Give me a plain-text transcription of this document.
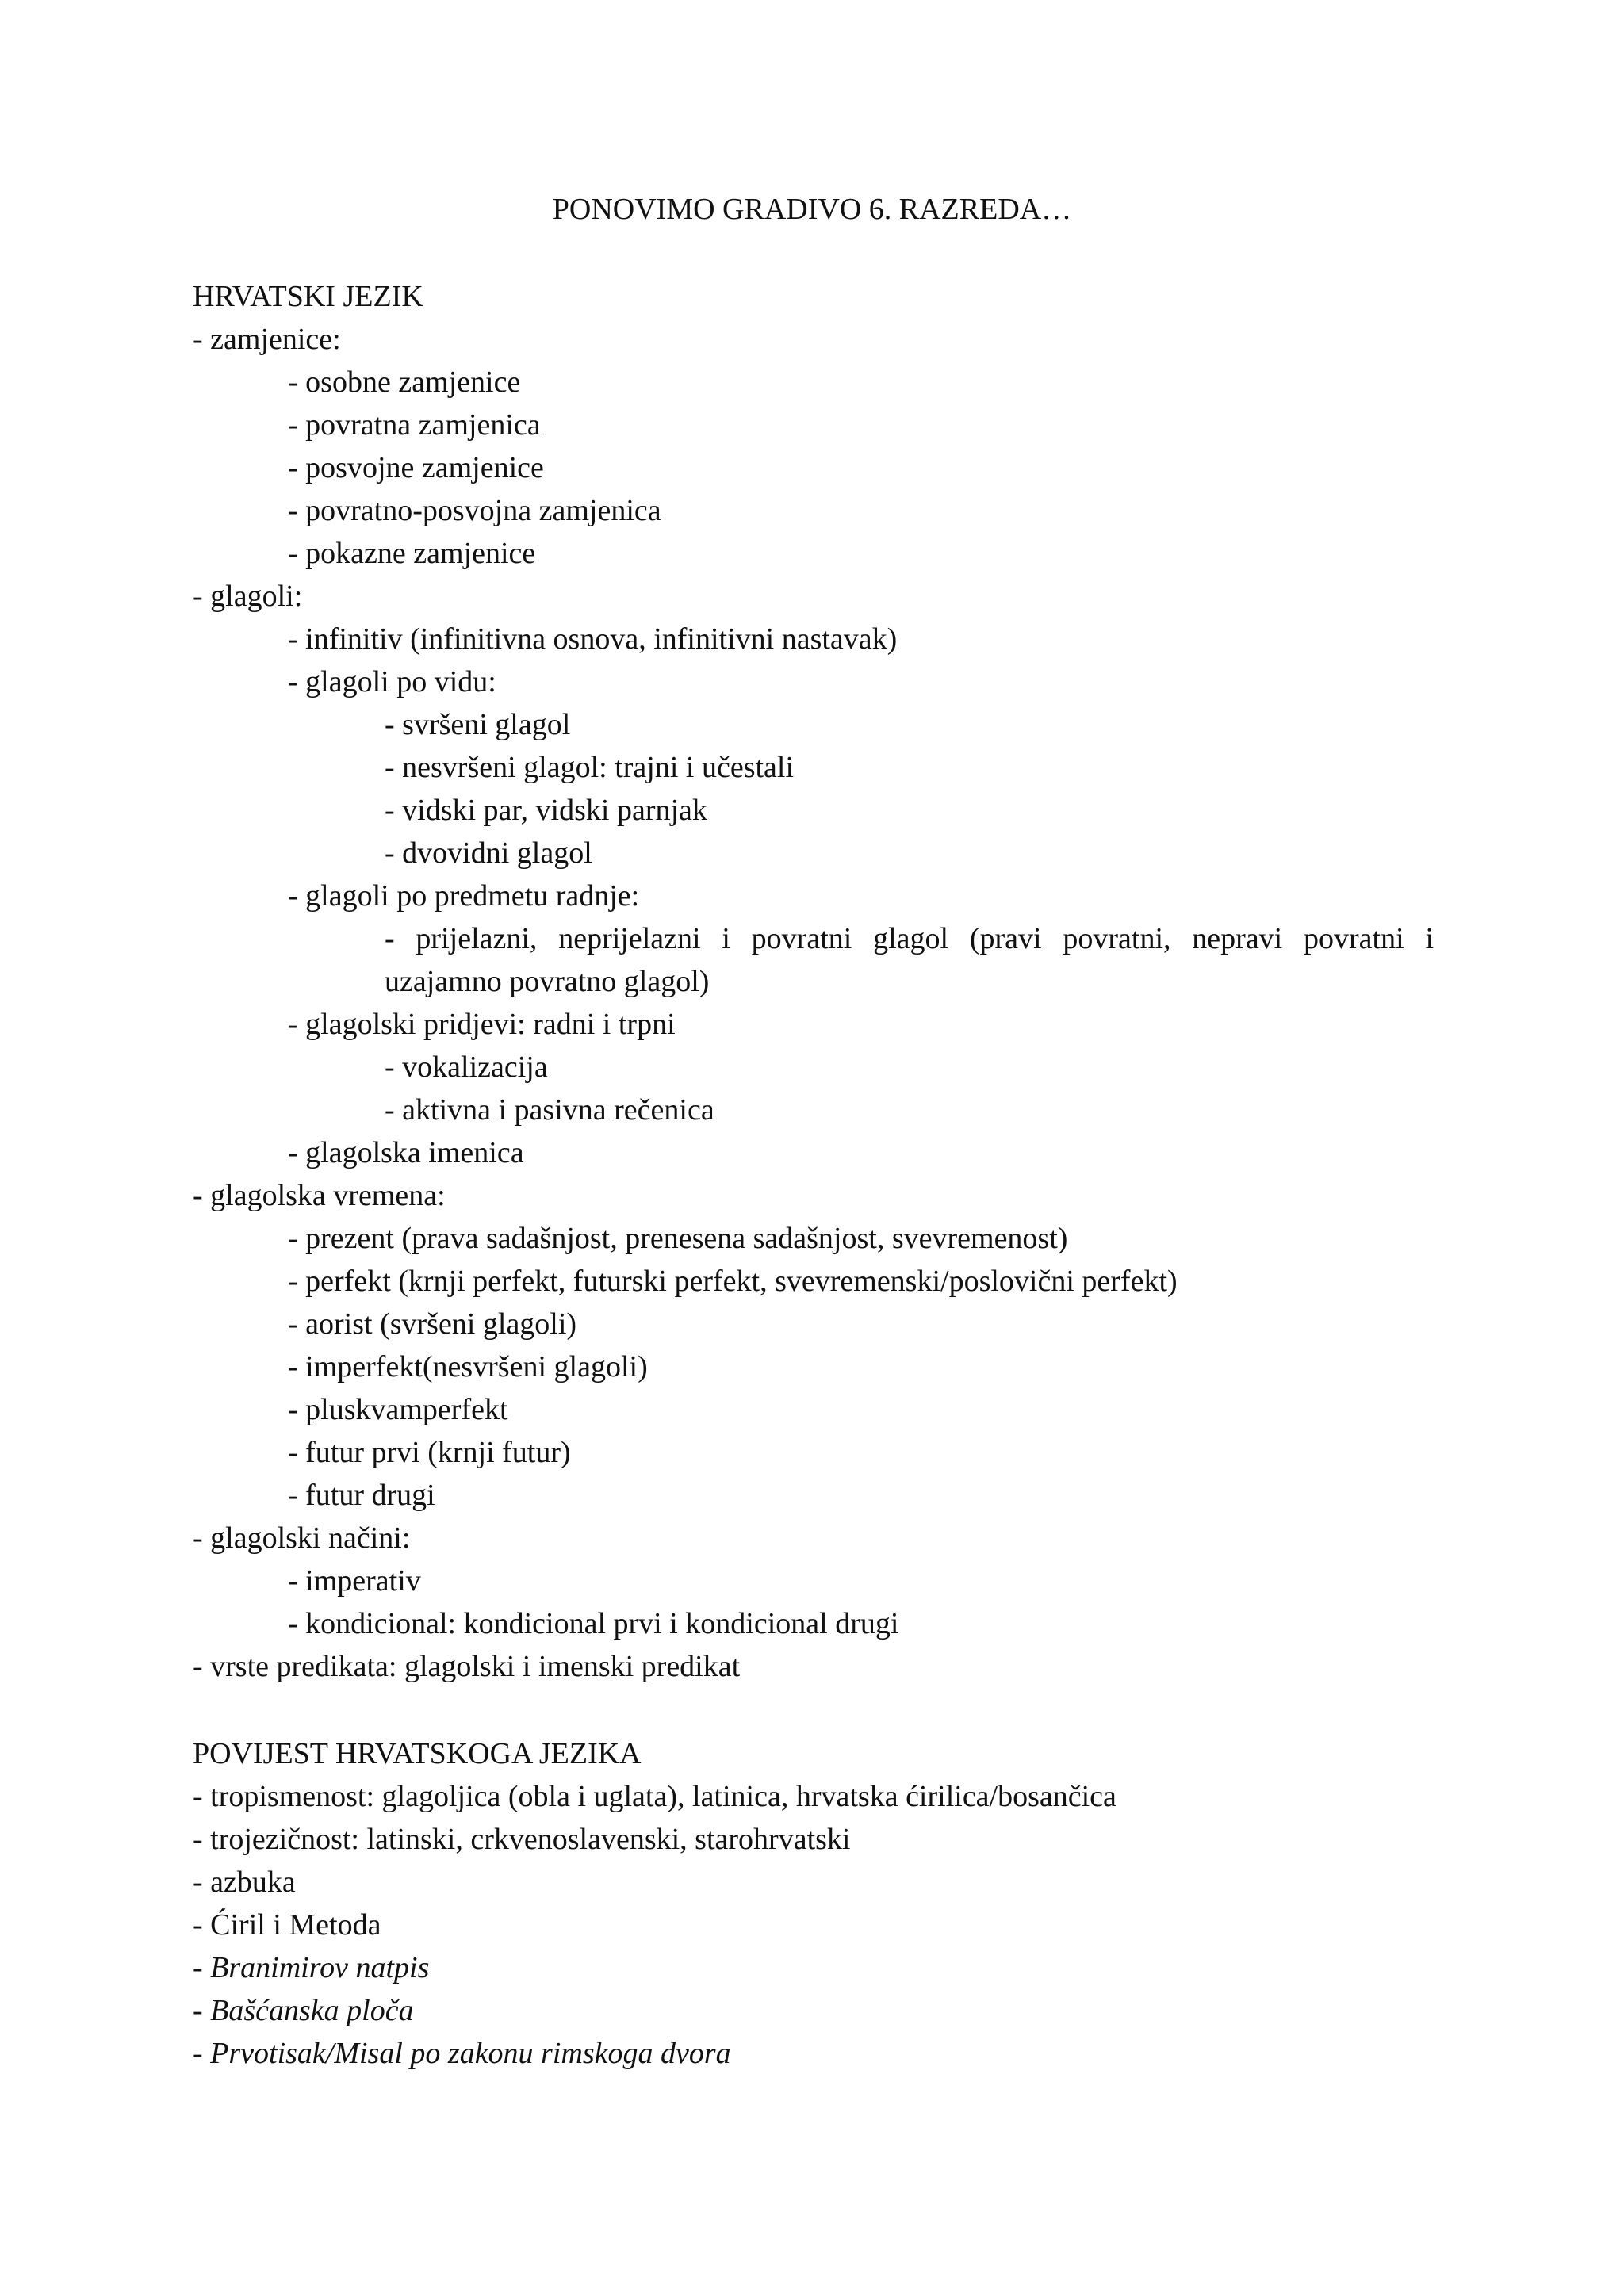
PONOVIMO GRADIVO 6. RAZREDA…
HRVATSKI JEZIK
- zamjenice:
- osobne zamjenice
- povratna zamjenica
- posvojne zamjenice
- povratno-posvojna zamjenica
- pokazne zamjenice
- glagoli:
- infinitiv (infinitivna osnova, infinitivni nastavak)
- glagoli po vidu:
- svršeni glagol
- nesvršeni glagol: trajni i učestali
- vidski par, vidski parnjak
- dvovidni glagol
- glagoli po predmetu radnje:
- prijelazni, neprijelazni i povratni glagol (pravi povratni, nepravi povratni i
uzajamno povratno glagol)
- glagolski pridjevi: radni i trpni
- vokalizacija
- aktivna i pasivna rečenica
- glagolska imenica
- glagolska vremena:
- prezent (prava sadašnjost, prenesena sadašnjost, svevremenost)
- perfekt (krnji perfekt, futurski perfekt, svevremenski/poslovični perfekt)
- aorist (svršeni glagoli)
- imperfekt(nesvršeni glagoli)
- pluskvamperfekt
- futur prvi (krnji futur)
- futur drugi
- glagolski načini:
- imperativ
- kondicional: kondicional prvi i kondicional drugi
- vrste predikata: glagolski i imenski predikat
POVIJEST HRVATSKOGA JEZIKA
- tropismenost: glagoljica (obla i uglata), latinica, hrvatska ćirilica/bosančica
- trojezičnost: latinski, crkvenoslavenski, starohrvatski
- azbuka
- Ćiril i Metoda
- Branimirov natpis
- Bašćanska ploča
- Prvotisak/Misal po zakonu rimskoga dvora
